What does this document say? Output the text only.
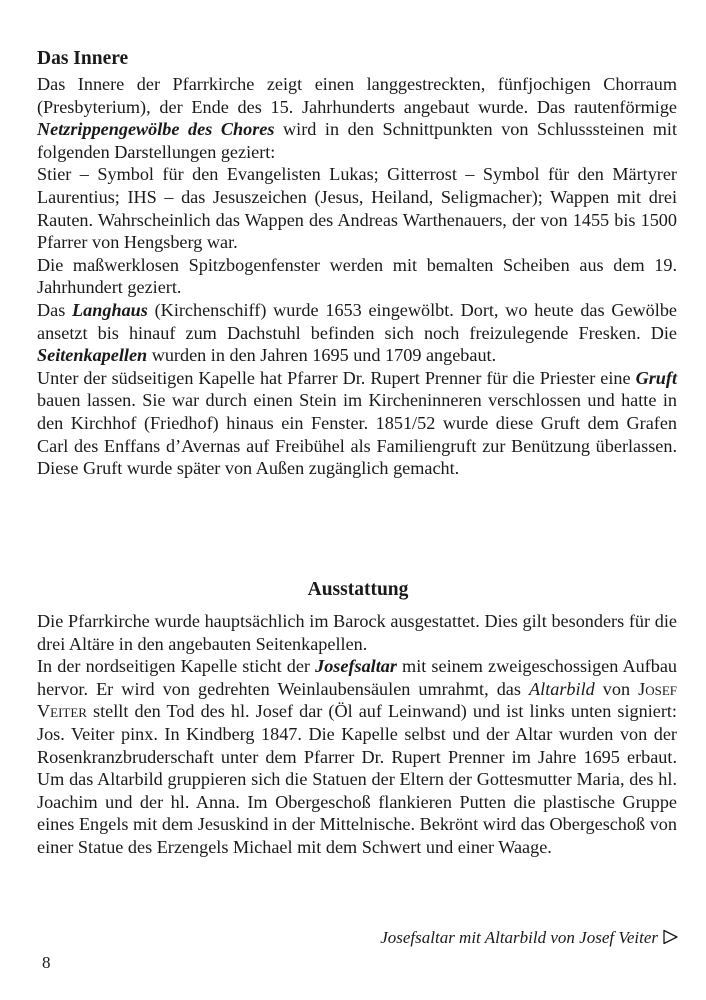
Das Innere

Das Innere der Pfarrkirche zeigt einen langgestreckten, fünfjochigen Chorraum (Presbyterium), der Ende des 15. Jahrhunderts angebaut wurde. Das rautenförmige Netzrippengewölbe des Chores wird in den Schnittpunkten von Schlusssteinen mit folgenden Darstellungen geziert:

Stier – Symbol für den Evangelisten Lukas; Gitterrost – Symbol für den Märtyrer Laurentius; IHS – das Jesuszeichen (Jesus, Heiland, Seligmacher); Wappen mit drei Rauten. Wahrscheinlich das Wappen des Andreas Warthenauers, der von 1455 bis 1500 Pfarrer von Hengsberg war.

Die maßwerklosen Spitzbogenfenster werden mit bemalten Scheiben aus dem 19. Jahrhundert geziert.

Das Langhaus (Kirchenschiff) wurde 1653 eingewölbt. Dort, wo heute das Gewölbe ansetzt bis hinauf zum Dachstuhl befinden sich noch freizulegende Fresken. Die Seitenkapellen wurden in den Jahren 1695 und 1709 angebaut.

Unter der südseitigen Kapelle hat Pfarrer Dr. Rupert Prenner für die Priester eine Gruft bauen lassen. Sie war durch einen Stein im Kircheninneren verschlossen und hatte in den Kirchhof (Friedhof) hinaus ein Fenster. 1851/52 wurde diese Gruft dem Grafen Carl des Enffans d’Avernas auf Freibühel als Familiengruft zur Benützung überlassen. Diese Gruft wurde später von Außen zugänglich gemacht.

Ausstattung

Die Pfarrkirche wurde hauptsächlich im Barock ausgestattet. Dies gilt besonders für die drei Altäre in den angebauten Seitenkapellen.

In der nordseitigen Kapelle sticht der Josefsaltar mit seinem zweigeschossigen Aufbau hervor. Er wird von gedrehten Weinlaubensäulen umrahmt, das Altarbild von Josef Veiter stellt den Tod des hl. Josef dar (Öl auf Leinwand) und ist links unten signiert: Jos. Veiter pinx. In Kindberg 1847. Die Kapelle selbst und der Altar wurden von der Rosenkranzbruderschaft unter dem Pfarrer Dr. Rupert Prenner im Jahre 1695 erbaut. Um das Altarbild gruppieren sich die Statuen der Eltern der Gottesmutter Maria, des hl. Joachim und der hl. Anna. Im Obergeschoß flankieren Putten die plastische Gruppe eines Engels mit dem Jesuskind in der Mittelnische. Bekrönt wird das Obergeschoß von einer Statue des Erzengels Michael mit dem Schwert und einer Waage.

Josefsaltar mit Altarbild von Josef Veiter
8
